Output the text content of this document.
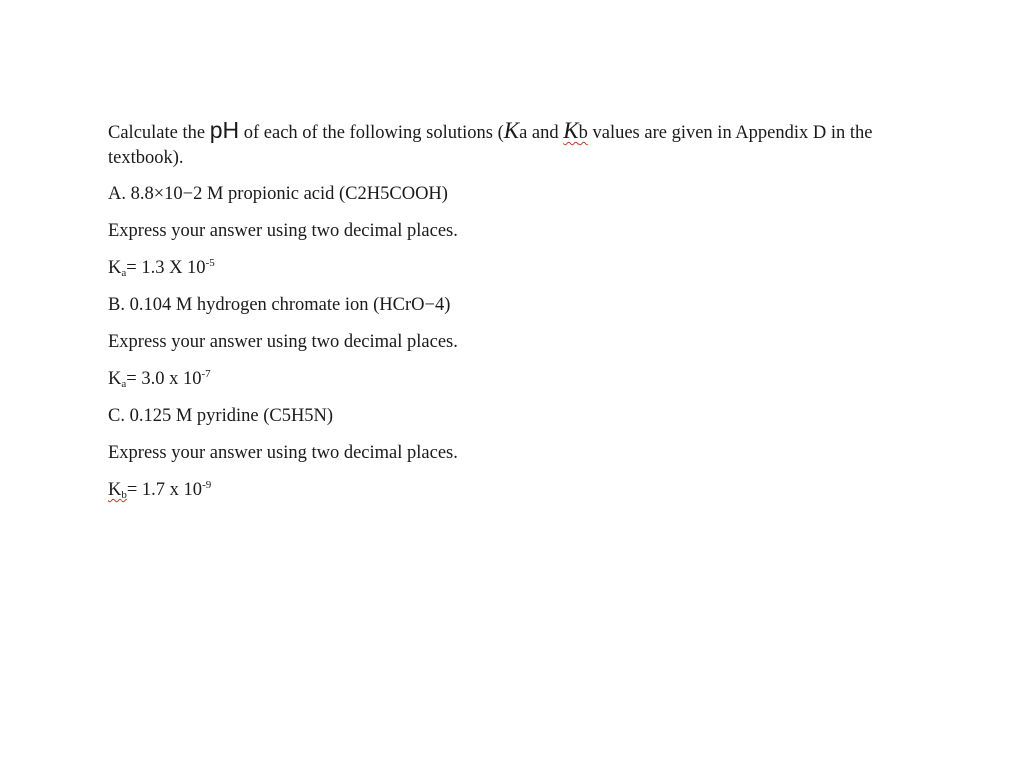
Calculate the pH of each of the following solutions (Ka and Kb values are given in Appendix D in the textbook).

A. 8.8×10−2 M propionic acid (C2H5COOH)

Express your answer using two decimal places.

$K_a= 1.3$ X $10^{-5}$

B. 0.104 M hydrogen chromate ion (HCrO−4)

Express your answer using two decimal places.

$K_a= 3.0$ x $10^{-7}$

C. 0.125 M pyridine (C5H5N)

Express your answer using two decimal places.

$K_b= 1.7$ x $10^{-9}$
